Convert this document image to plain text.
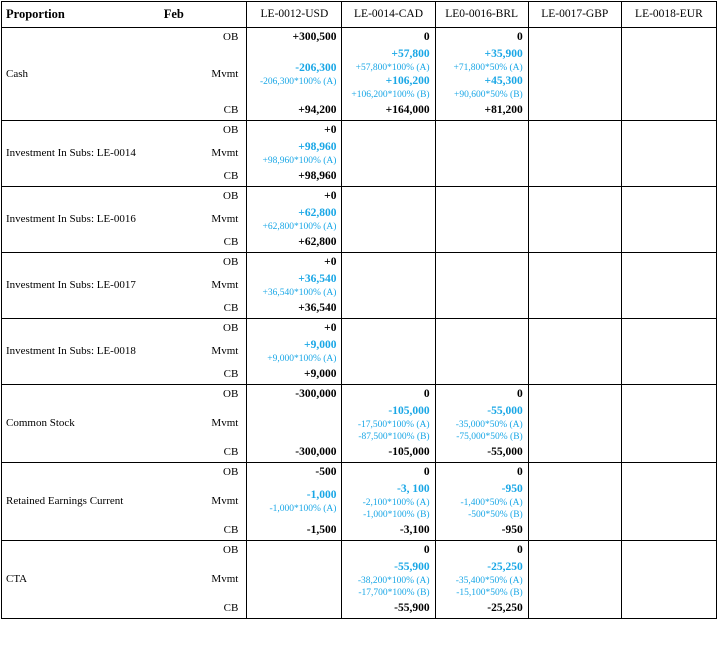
Proportion	Feb	LE-0012-USD	LE-0014-CAD	LE0-0016-BRL	LE-0017-GBP	LE-0018-EUR
Cash	OB	+300,500	0	0		
	Mvmt	-206,300
-206,300*100% (A)	+57,800
+57,800*100% (A)
+106,200
+106,200*100% (B)	+35,900
+71,800*50% (A)
+45,300
+90,600*50% (B)		

	CB	+94,200	+164,000	+81,200		
Investment In Subs: LE-0014	OB	+0				
	Mvmt	+98,960
+98,960*100% (A)				

	CB	+98,960				
Investment In Subs: LE-0016	OB	+0				
	Mvmt	+62,800
+62,800*100% (A)				

	CB	+62,800				
Investment In Subs: LE-0017	OB	+0				
	Mvmt	+36,540
+36,540*100% (A)				

	CB	+36,540				
Investment In Subs: LE-0018	OB	+0				
	Mvmt	+9,000
+9,000*100% (A)				

	CB	+9,000				
Common Stock	OB	-300,000	0	0		
	Mvmt		-105,000
-17,500*100% (A)
-87,500*100% (B)	-55,000
-35,000*50% (A)
-75,000*50% (B)		

	CB	-300,000	-105,000	-55,000		
Retained Earnings Current	OB	-500	0	0		
	Mvmt	-1,000
-1,000*100% (A)	-3, 100
-2,100*100% (A)
-1,000*100% (B)	-950
-1,400*50% (A)
-500*50% (B)		

	CB	-1,500	-3,100	-950		
CTA	OB		0	0		
	Mvmt		-55,900
-38,200*100% (A)
-17,700*100% (B)	-25,250
-35,400*50% (A)
-15,100*50% (B)		

	CB		-55,900	-25,250		
